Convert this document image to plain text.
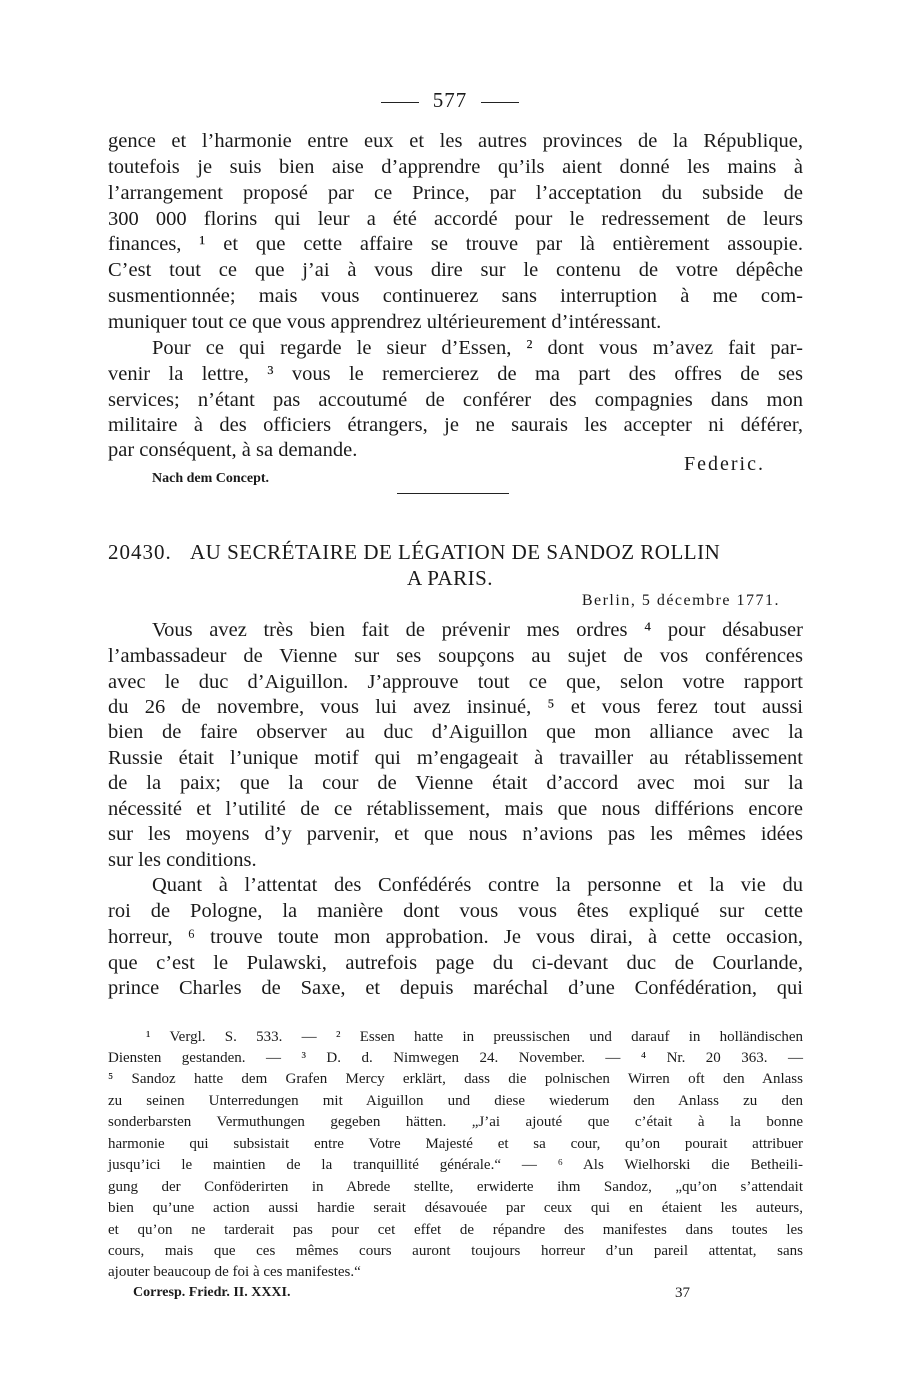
577
gence et l’harmonie entre eux et les autres provinces de la République,
toutefois je suis bien aise d’apprendre qu’ils aient donné les mains à
l’arrangement proposé par ce Prince, par l’acceptation du subside de
300 000 florins qui leur a été accordé pour le redressement de leurs
finances, ¹ et que cette affaire se trouve par là entièrement assoupie.
C’est tout ce que j’ai à vous dire sur le contenu de votre dépêche
susmentionnée; mais vous continuerez sans interruption à me com-
muniquer tout ce que vous apprendrez ultérieurement d’intéressant.
Pour ce qui regarde le sieur d’Essen, ² dont vous m’avez fait par-
venir la lettre, ³ vous le remercierez de ma part des offres de ses
services; n’étant pas accoutumé de conférer des compagnies dans mon
militaire à des officiers étrangers, je ne saurais les accepter ni déférer,
par conséquent, à sa demande.
Federic.
Nach dem Concept.
20430. AU SECRÉTAIRE DE LÉGATION DE SANDOZ ROLLIN
A PARIS.
Berlin, 5 décembre 1771.
Vous avez très bien fait de prévenir mes ordres ⁴ pour désabuser
l’ambassadeur de Vienne sur ses soupçons au sujet de vos conférences
avec le duc d’Aiguillon. J’approuve tout ce que, selon votre rapport
du 26 de novembre, vous lui avez insinué, ⁵ et vous ferez tout aussi
bien de faire observer au duc d’Aiguillon que mon alliance avec la
Russie était l’unique motif qui m’engageait à travailler au rétablissement
de la paix; que la cour de Vienne était d’accord avec moi sur la
nécessité et l’utilité de ce rétablissement, mais que nous différions encore
sur les moyens d’y parvenir, et que nous n’avions pas les mêmes idées
sur les conditions.
Quant à l’attentat des Confédérés contre la personne et la vie du
roi de Pologne, la manière dont vous vous êtes expliqué sur cette
horreur, ⁶ trouve toute mon approbation. Je vous dirai, à cette occasion,
que c’est le Pulawski, autrefois page du ci-devant duc de Courlande,
prince Charles de Saxe, et depuis maréchal d’une Confédération, qui
¹ Vergl. S. 533. — ² Essen hatte in preussischen und darauf in holländischen
Diensten gestanden. — ³ D. d. Nimwegen 24. November. — ⁴ Nr. 20 363. —
⁵ Sandoz hatte dem Grafen Mercy erklärt, dass die polnischen Wirren oft den Anlass
zu seinen Unterredungen mit Aiguillon und diese wiederum den Anlass zu den
sonderbarsten Vermuthungen gegeben hätten. „J’ai ajouté que c’était à la bonne
harmonie qui subsistait entre Votre Majesté et sa cour, qu’on pourait attribuer
jusqu’ici le maintien de la tranquillité générale.“ — ⁶ Als Wielhorski die Betheili-
gung der Conföderirten in Abrede stellte, erwiderte ihm Sandoz, „qu’on s’attendait
bien qu’une action aussi hardie serait désavouée par ceux qui en étaient les auteurs,
et qu’on ne tarderait pas pour cet effet de répandre des manifestes dans toutes les
cours, mais que ces mêmes cours auront toujours horreur d’un pareil attentat, sans
ajouter beaucoup de foi à ces manifestes.“
Corresp. Friedr. II. XXXI.	37
